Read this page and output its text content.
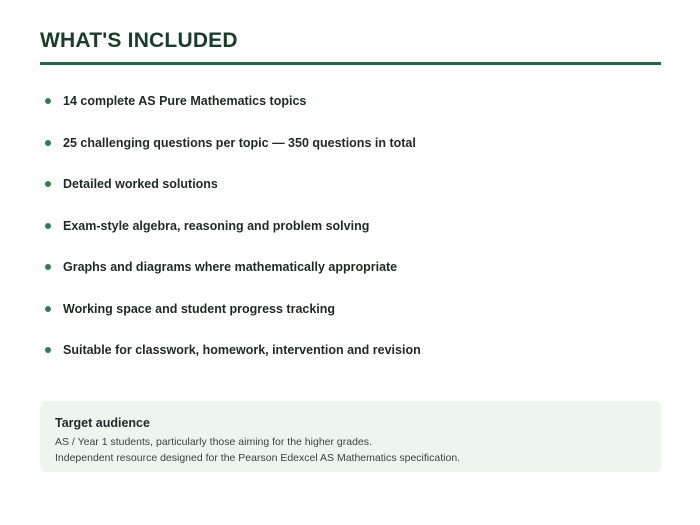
WHAT'S INCLUDED
14 complete AS Pure Mathematics topics
25 challenging questions per topic — 350 questions in total
Detailed worked solutions
Exam-style algebra, reasoning and problem solving
Graphs and diagrams where mathematically appropriate
Working space and student progress tracking
Suitable for classwork, homework, intervention and revision
Target audience
AS / Year 1 students, particularly those aiming for the higher grades.
Independent resource designed for the Pearson Edexcel AS Mathematics specification.
